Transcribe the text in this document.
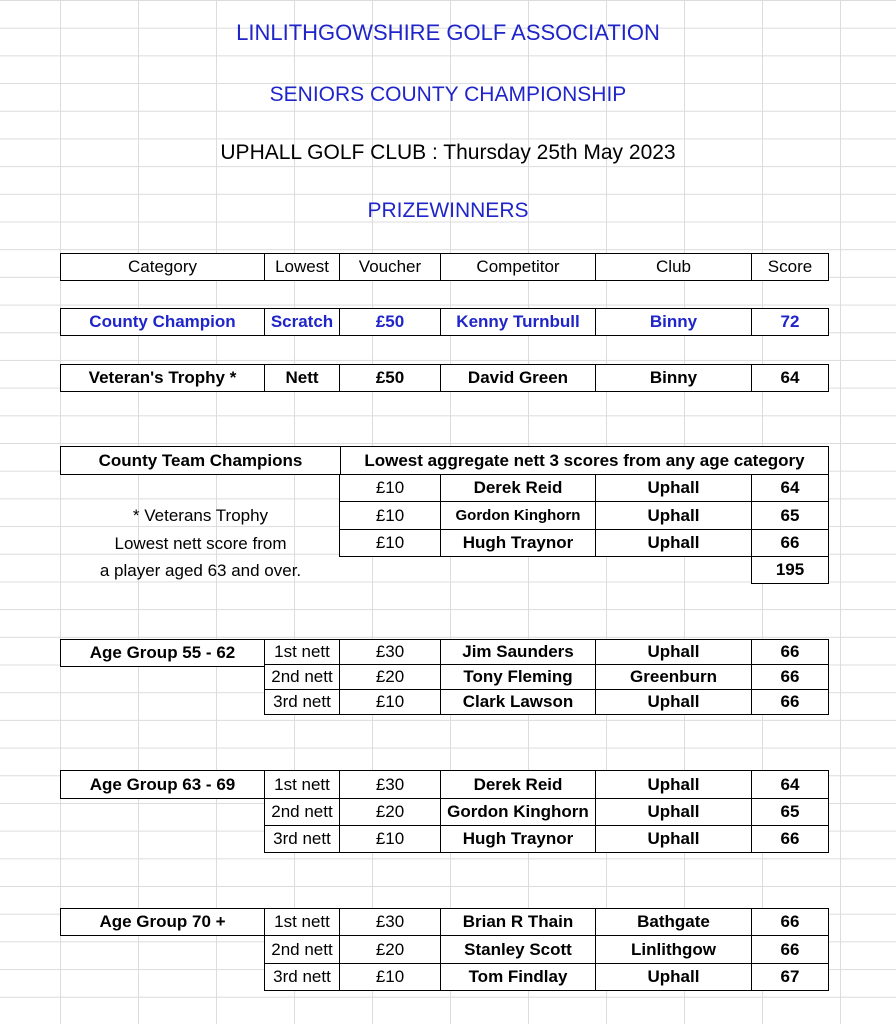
LINLITHGOWSHIRE GOLF ASSOCIATION
SENIORS COUNTY CHAMPIONSHIP
UPHALL GOLF CLUB : Thursday 25th May 2023
PRIZEWINNERS
Category	Lowest	Voucher	Competitor	Club	Score
County Champion	Scratch	£50	Kenny Turnbull	Binny	72
Veteran's Trophy *	Nett	£50	David Green	Binny	64
County Team Champions	Lowest aggregate nett 3 scores from any age category
£10	Derek Reid	Uphall	64
£10	Gordon Kinghorn	Uphall	65
£10	Hugh Traynor	Uphall	66
195
* Veterans Trophy
Lowest nett score from
a player aged 63 and over.
Age Group 55 - 62	1st nett	£30	Jim Saunders	Uphall	66
2nd nett	£20	Tony Fleming	Greenburn	66
3rd nett	£10	Clark Lawson	Uphall	66
Age Group 63 - 69	1st nett	£30	Derek Reid	Uphall	64
2nd nett	£20	Gordon Kinghorn	Uphall	65
3rd nett	£10	Hugh Traynor	Uphall	66
Age Group 70 +	1st nett	£30	Brian R Thain	Bathgate	66
2nd nett	£20	Stanley Scott	Linlithgow	66
3rd nett	£10	Tom Findlay	Uphall	67
